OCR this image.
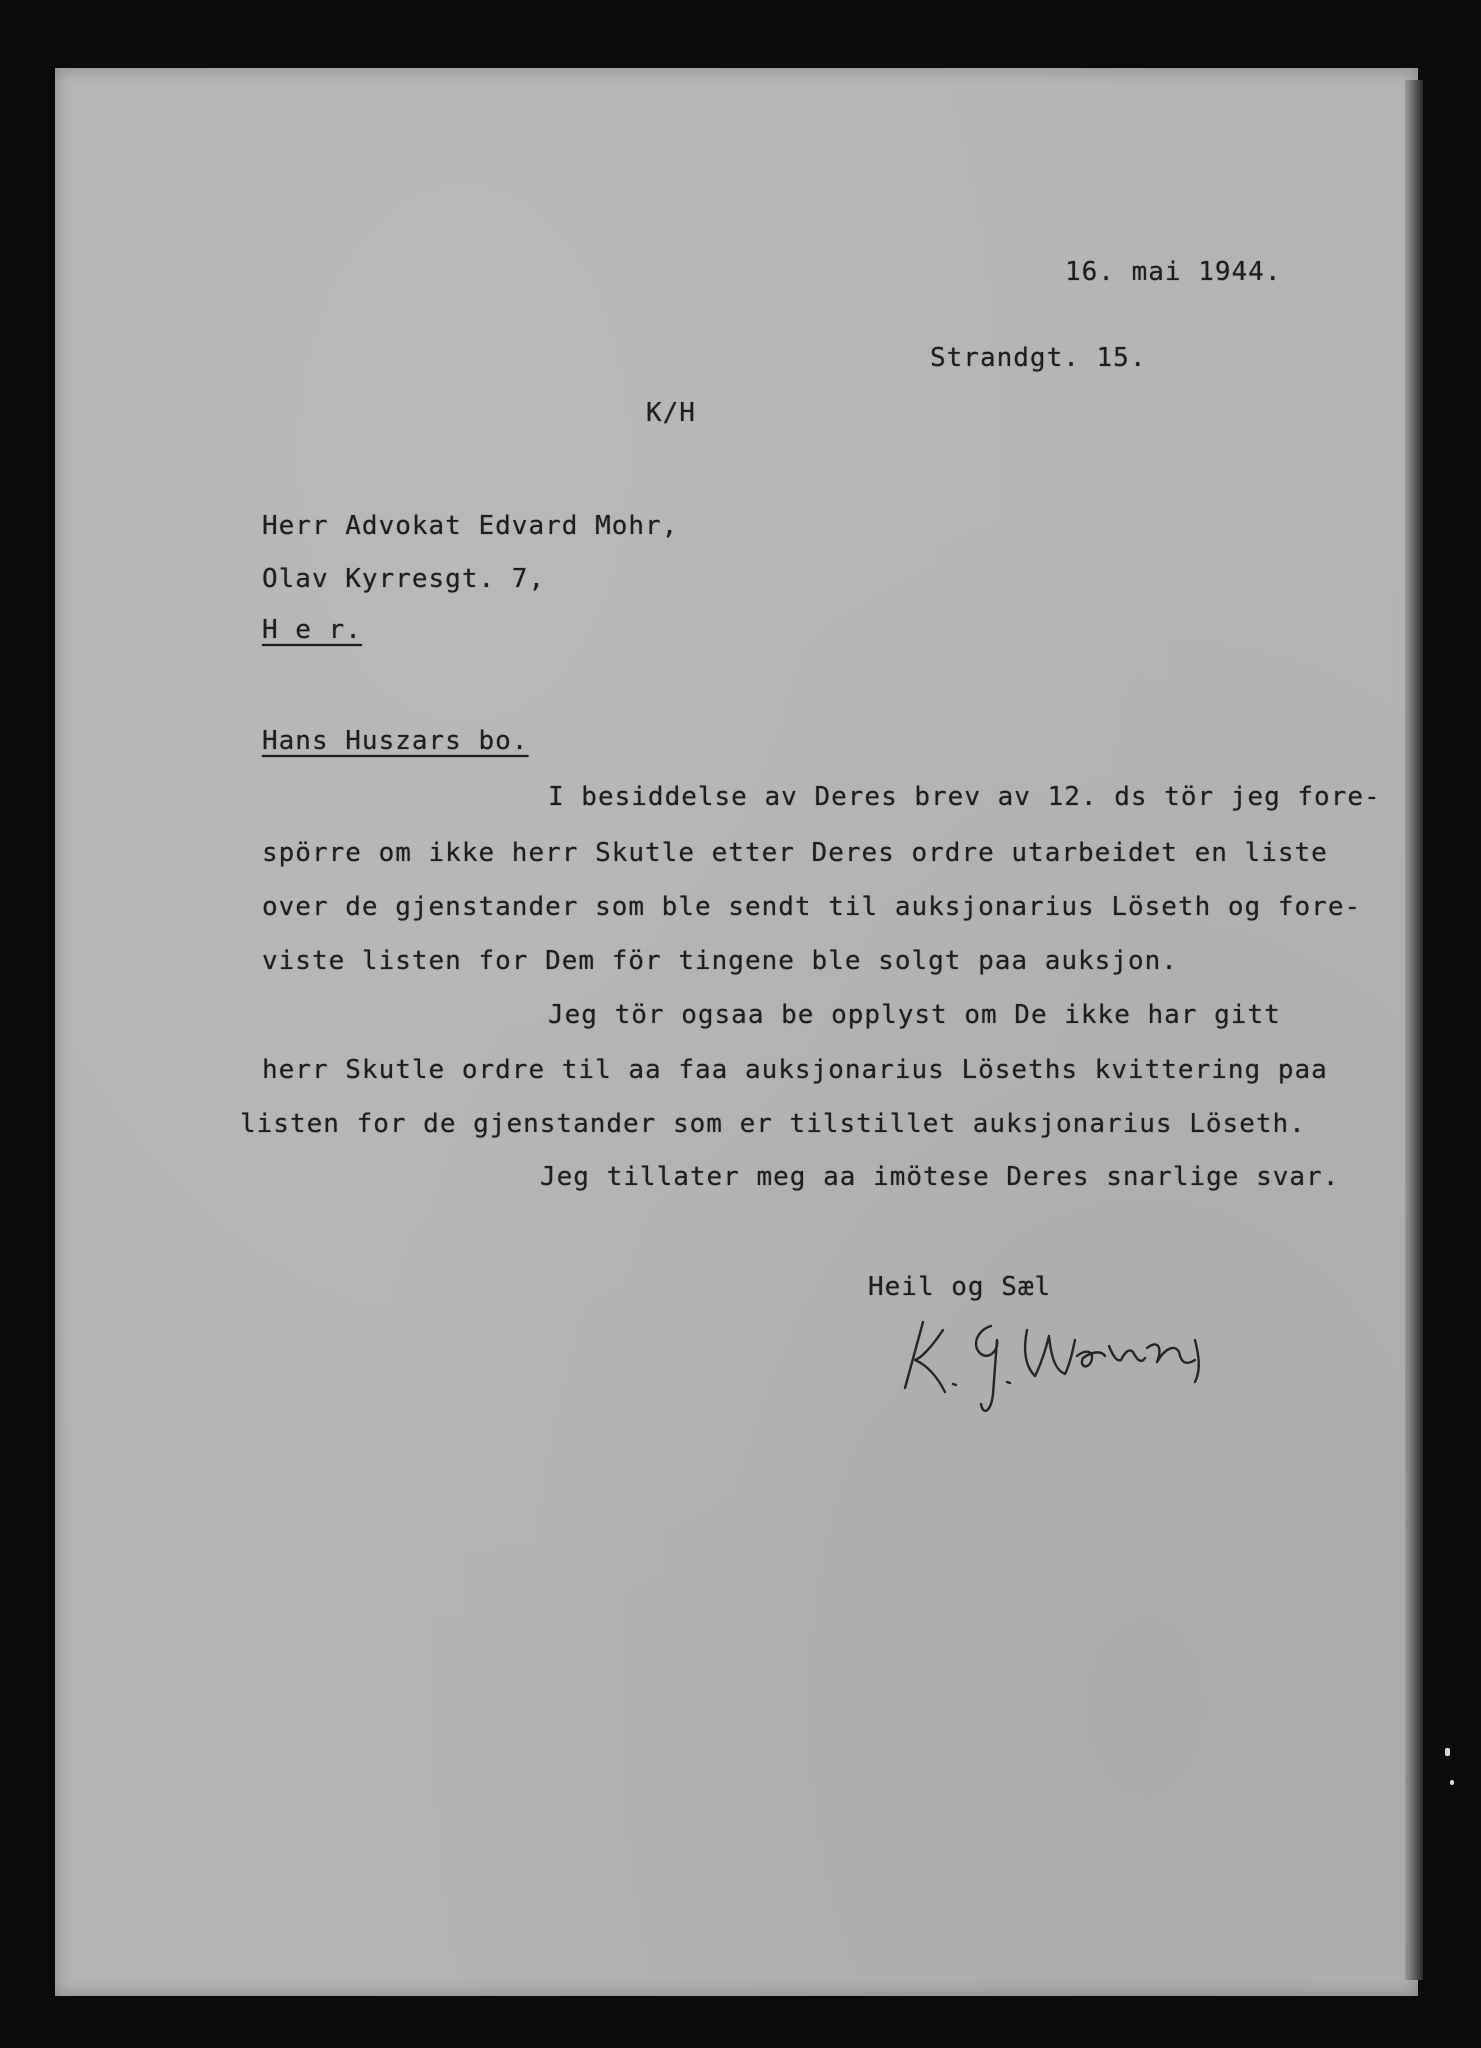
16. mai 1944.
Strandgt. 15.
K/H
Herr Advokat Edvard Mohr,
Olav Kyrresgt. 7,
H e r.
Hans Huszars bo.
I besiddelse av Deres brev av 12. ds tör jeg fore-
spörre om ikke herr Skutle etter Deres ordre utarbeidet en liste
over de gjenstander som ble sendt til auksjonarius Löseth og fore-
viste listen for Dem för tingene ble solgt paa auksjon.
Jeg tör ogsaa be opplyst om De ikke har gitt
herr Skutle ordre til aa faa auksjonarius Löseths kvittering paa
listen for de gjenstander som er tilstillet auksjonarius Löseth.
Jeg tillater meg aa imötese Deres snarlige svar.
Heil og Sæl
